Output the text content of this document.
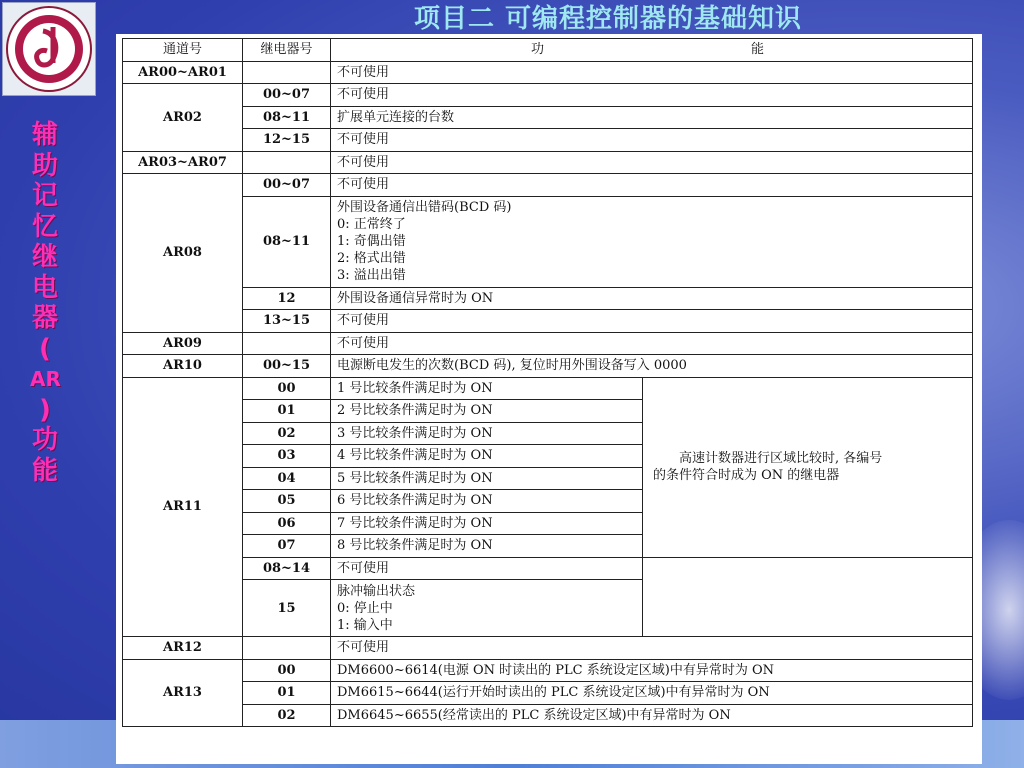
项目二 可编程控制器的基础知识
辅
助
记
忆
继
电
器
(
AR
)
功
能
通道号	继电器号	功 能	

AR00~AR01		不可使用	
AR02	00~07	不可使用	
	08~11	扩展单元连接的台数	
	12~15	不可使用	
AR03~AR07		不可使用	
AR08	00~07	不可使用	
	08~11	外围设备通信出错码(BCD 码)
0: 正常终了
1: 奇偶出错
2: 格式出错
3: 溢出出错	

	12	外围设备通信异常时为 ON	
	13~15	不可使用	
AR09		不可使用	
AR10	00~15	电源断电发生的次数(BCD 码), 复位时用外围设备写入 0000	
AR11	00	1 号比较条件满足时为 ON	高速计数器进行区域比较时, 各编号
的条件符合时成为 ON 的继电器

	01	2 号比较条件满足时为 ON	
	02	3 号比较条件满足时为 ON	
	03	4 号比较条件满足时为 ON	
	04	5 号比较条件满足时为 ON	
	05	6 号比较条件满足时为 ON	
	06	7 号比较条件满足时为 ON	
	07	8 号比较条件满足时为 ON	
	08~14	不可使用	
	15	脉冲输出状态
0: 停止中
1: 输入中	

AR12		不可使用	
AR13	00	DM6600~6614(电源 ON 时读出的 PLC 系统设定区域)中有异常时为 ON	
	01	DM6615~6644(运行开始时读出的 PLC 系统设定区域)中有异常时为 ON	
	02	DM6645~6655(经常读出的 PLC 系统设定区域)中有异常时为 ON	
